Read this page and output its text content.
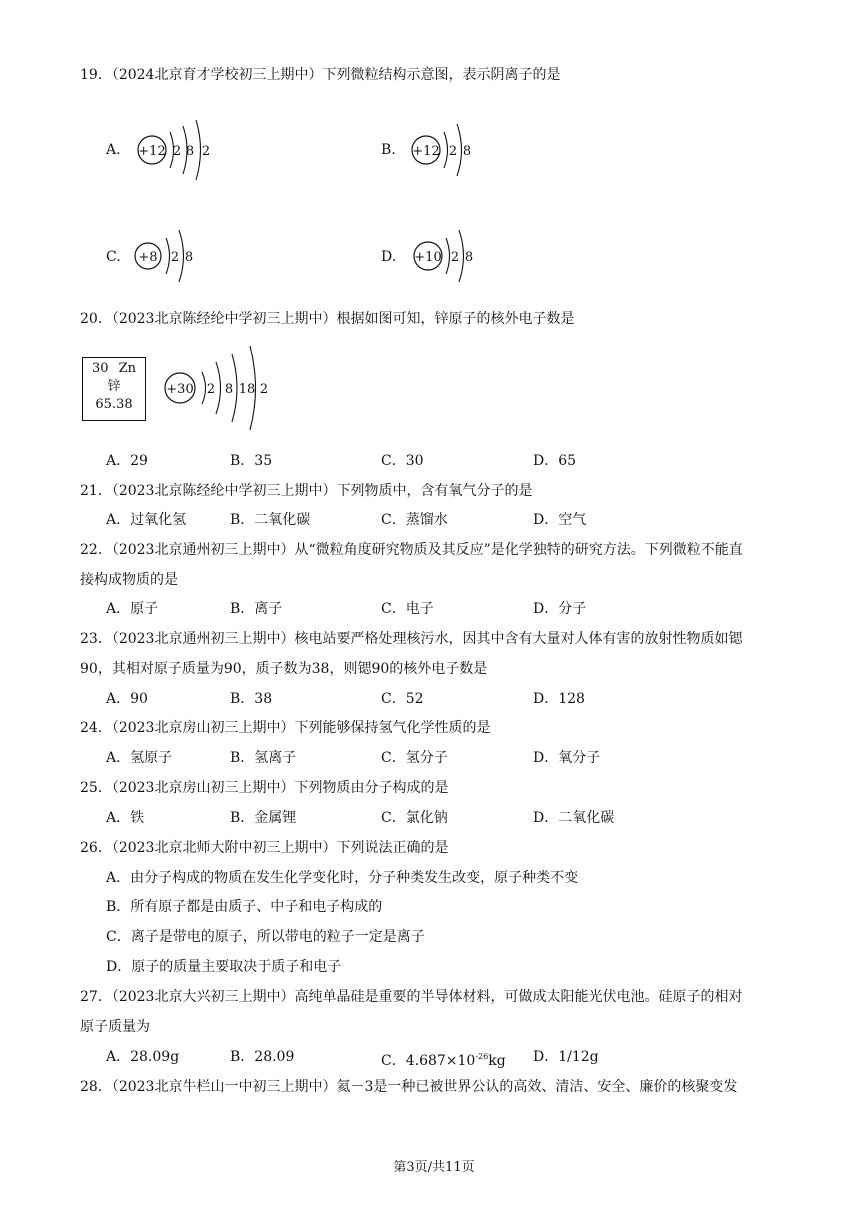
19．（2024北京育才学校初三上期中）下列微粒结构示意图，表示阴离子的是
A. +12 2 8 2	B. +12 2 8
C. +8 2 8	D. +10 2 8
20．（2023北京陈经纶中学初三上期中）根据如图可知，锌原子的核外电子数是
30 Zn
锌
65.38
+30 2 8 18 2
A．29	B．35	C．30	D．65
21．（2023北京陈经纶中学初三上期中）下列物质中，含有氧气分子的是
A．过氧化氢	B．二氧化碳	C．蒸馏水	D．空气
22．（2023北京通州初三上期中）从“微粒角度研究物质及其反应”是化学独特的研究方法。下列微粒不能直
接构成物质的是
A．原子	B．离子	C．电子	D．分子
23．（2023北京通州初三上期中）核电站要严格处理核污水，因其中含有大量对人体有害的放射性物质如锶
90，其相对原子质量为90，质子数为38，则锶90的核外电子数是
A．90	B．38	C．52	D．128
24．（2023北京房山初三上期中）下列能够保持氢气化学性质的是
A．氢原子	B．氢离子	C．氢分子	D．氧分子
25．（2023北京房山初三上期中）下列物质由分子构成的是
A．铁	B．金属锂	C．氯化钠	D．二氧化碳
26．（2023北京北师大附中初三上期中）下列说法正确的是
A．由分子构成的物质在发生化学变化时，分子种类发生改变，原子种类不变
B．所有原子都是由质子、中子和电子构成的
C．离子是带电的原子，所以带电的粒子一定是离子
D．原子的质量主要取决于质子和电子
27．（2023北京大兴初三上期中）高纯单晶硅是重要的半导体材料，可做成太阳能光伏电池。硅原子的相对
原子质量为
A．28.09g	B．28.09	C．$4.687\times 10^{-26}kg$ D．1/12g
28．（2023北京牛栏山一中初三上期中）氦－3是一种已被世界公认的高效、清洁、安全、廉价的核聚变发
第3页/共11页
